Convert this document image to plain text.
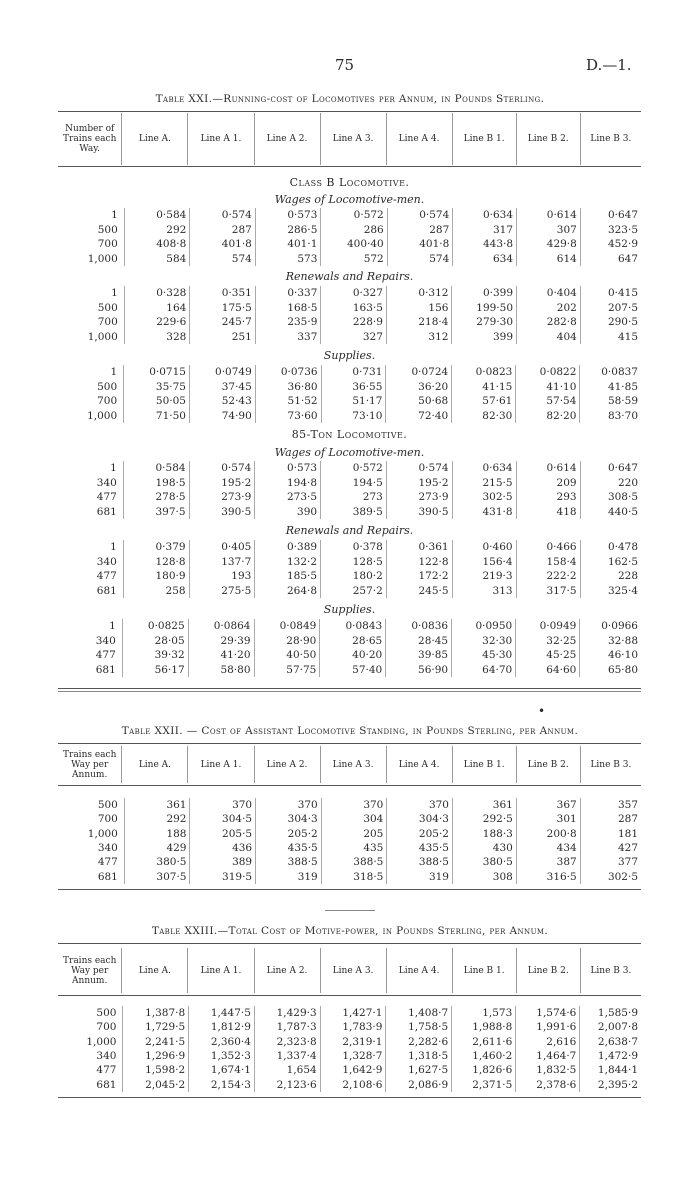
75	D.—1.
Table XXI.—Running-cost of Locomotives per Annum, in Pounds Sterling.
Number of Trains each Way.	Line A.	Line A 1.	Line A 2.	Line A 3.	Line A 4.	Line B 1.	Line B 2.	Line B 3.
Class B Locomotive.
Wages of Locomotive-men.
1	0·584	0·574	0·573	0·572	0·574	0·634	0·614	0·647
500	292	287	286·5	286	287	317	307	323·5
700	408·8	401·8	401·1	400·40	401·8	443·8	429·8	452·9
1,000	584	574	573	572	574	634	614	647
Renewals and Repairs.
1	0·328	0·351	0·337	0·327	0·312	0·399	0·404	0·415
500	164	175·5	168·5	163·5	156	199·50	202	207·5
700	229·6	245·7	235·9	228·9	218·4	279·30	282·8	290·5
1,000	328	251	337	327	312	399	404	415
Supplies.
1	0·0715	0·0749	0·0736	0·731	0·0724	0·0823	0·0822	0·0837
500	35·75	37·45	36·80	36·55	36·20	41·15	41·10	41·85
700	50·05	52·43	51·52	51·17	50·68	57·61	57·54	58·59
1,000	71·50	74·90	73·60	73·10	72·40	82·30	82·20	83·70
85-Ton Locomotive.
Wages of Locomotive-men.
1	0·584	0·574	0·573	0·572	0·574	0·634	0·614	0·647
340	198·5	195·2	194·8	194·5	195·2	215·5	209	220
477	278·5	273·9	273·5	273	273·9	302·5	293	308·5
681	397·5	390·5	390	389·5	390·5	431·8	418	440·5
Renewals and Repairs.
1	0·379	0·405	0·389	0·378	0·361	0·460	0·466	0·478
340	128·8	137·7	132·2	128·5	122·8	156·4	158·4	162·5
477	180·9	193	185·5	180·2	172·2	219·3	222·2	228
681	258	275·5	264·8	257·2	245·5	313	317·5	325·4
Supplies.
1	0·0825	0·0864	0·0849	0·0843	0·0836	0·0950	0·0949	0·0966
340	28·05	29·39	28·90	28·65	28·45	32·30	32·25	32·88
477	39·32	41·20	40·50	40·20	39·85	45·30	45·25	46·10
681	56·17	58·80	57·75	57·40	56·90	64·70	64·60	65·80
•
Table XXII. — Cost of Assistant Locomotive Standing, in Pounds Sterling, per Annum.
Trains each Way per Annum.	Line A.	Line A 1.	Line A 2.	Line A 3.	Line A 4.	Line B 1.	Line B 2.	Line B 3.
500	361	370	370	370	370	361	367	357
700	292	304·5	304·3	304	304·3	292·5	301	287
1,000	188	205·5	205·2	205	205·2	188·3	200·8	181
340	429	436	435·5	435	435·5	430	434	427
477	380·5	389	388·5	388·5	388·5	380·5	387	377
681	307·5	319·5	319	318·5	319	308	316·5	302·5
Table XXIII.—Total Cost of Motive-power, in Pounds Sterling, per Annum.
Trains each Way per Annum.	Line A.	Line A 1.	Line A 2.	Line A 3.	Line A 4.	Line B 1.	Line B 2.	Line B 3.
500	1,387·8	1,447·5	1,429·3	1,427·1	1,408·7	1,573	1,574·6	1,585·9
700	1,729·5	1,812·9	1,787·3	1,783·9	1,758·5	1,988·8	1,991·6	2,007·8
1,000	2,241·5	2,360·4	2,323·8	2,319·1	2,282·6	2,611·6	2,616	2,638·7
340	1,296·9	1,352·3	1,337·4	1,328·7	1,318·5	1,460·2	1,464·7	1,472·9
477	1,598·2	1,674·1	1,654	1,642·9	1,627·5	1,826·6	1,832·5	1,844·1
681	2,045·2	2,154·3	2,123·6	2,108·6	2,086·9	2,371·5	2,378·6	2,395·2
